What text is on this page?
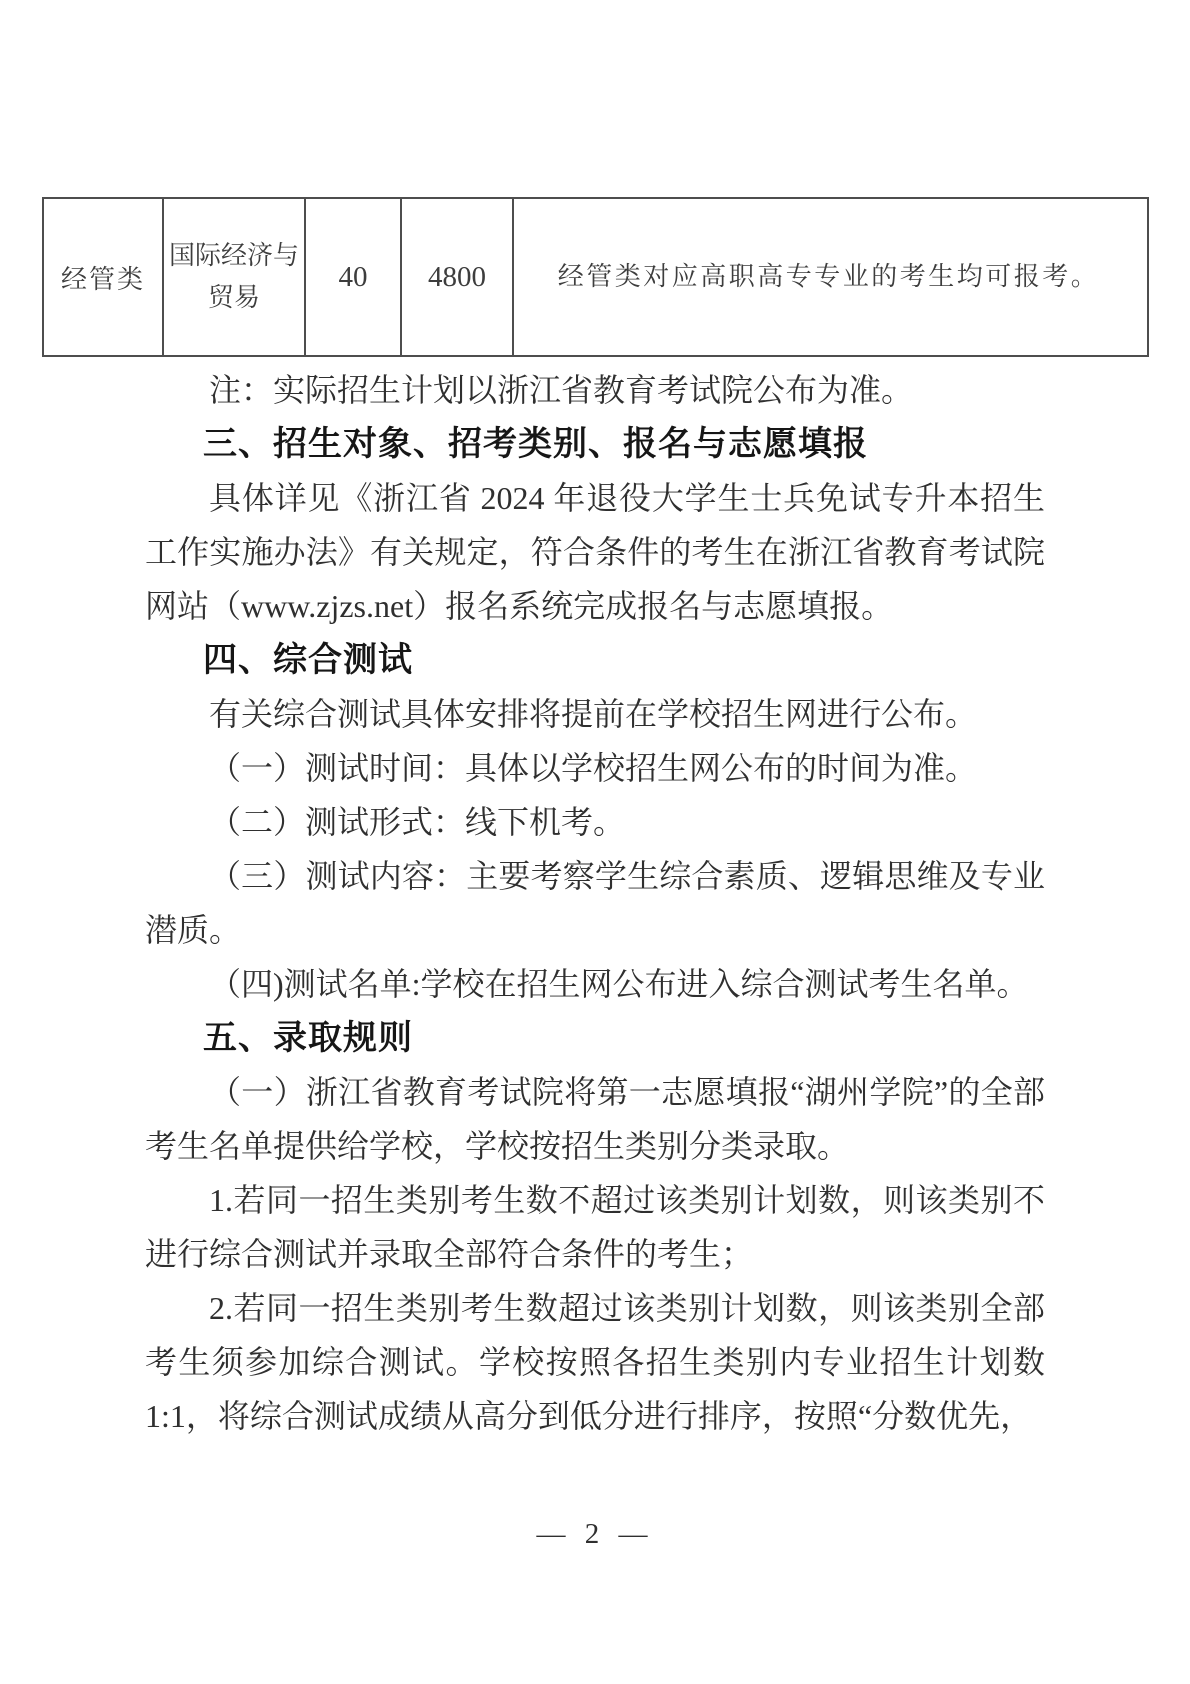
经管类	国际经济与贸易	40	4800	经管类对应高职高专专业的考生均可报考。

注：实际招生计划以浙江省教育考试院公布为准。

三、招生对象、招考类别、报名与志愿填报

具体详见《浙江省 2024 年退役大学生士兵免试专升本招生工作实施办法》有关规定，符合条件的考生在浙江省教育考试院网站（www.zjzs.net）报名系统完成报名与志愿填报。

四、综合测试

有关综合测试具体安排将提前在学校招生网进行公布。

（一）测试时间：具体以学校招生网公布的时间为准。

（二）测试形式：线下机考。

（三）测试内容：主要考察学生综合素质、逻辑思维及专业潜质。

（四)测试名单:学校在招生网公布进入综合测试考生名单。

五、录取规则

（一）浙江省教育考试院将第一志愿填报“湖州学院”的全部考生名单提供给学校，学校按招生类别分类录取。

1.若同一招生类别考生数不超过该类别计划数，则该类别不进行综合测试并录取全部符合条件的考生；

2.若同一招生类别考生数超过该类别计划数，则该类别全部考生须参加综合测试。学校按照各招生类别内专业招生计划数1:1，将综合测试成绩从高分到低分进行排序，按照“分数优先，

— 2 —
